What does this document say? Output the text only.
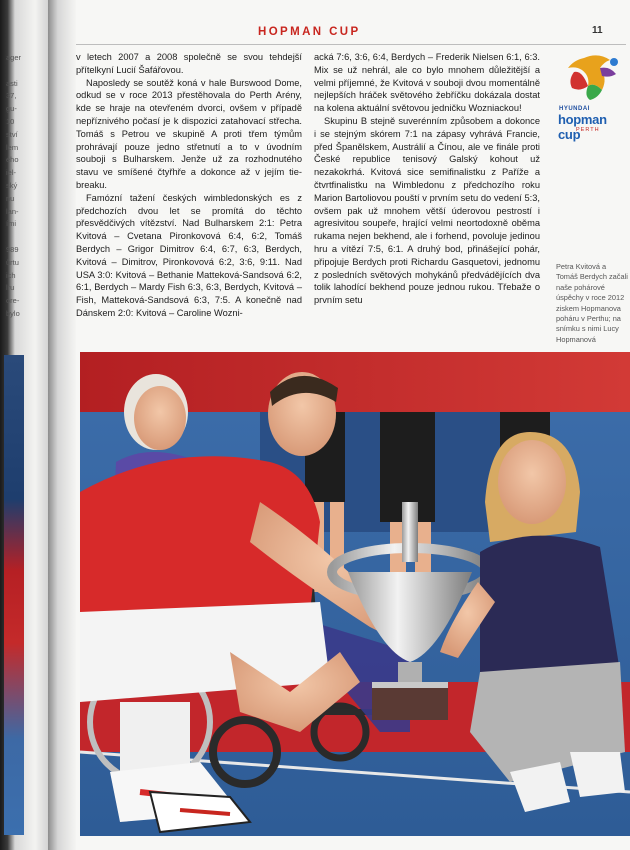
ager
asti
37,
gu-
10
ství
lem
ého
iel-
ský
nu
lan-
ími
989
ůrtu
ich
lru
ore-
bylo
HOPMAN CUP	11

v letech 2007 a 2008 společně se svou tehdejší přítelkyní Lucií Šafářovou.

Naposledy se soutěž koná v hale Burswood Dome, odkud se v roce 2013 přestěhovala do Perth Arény, kde se hraje na otevřeném dvorci, ovšem v případě nepříznivého počasí je k dispozici zatahovací střecha. Tomáš s Petrou ve skupině A proti třem týmům prohrávají pouze jedno střetnutí a to v úvodním souboji s Bulharskem. Jenže už za rozhodnutého stavu ve smíšené čtyřhře a dokonce až v jejím tie-breaku.

Famózní tažení českých wimbledonských es z předchozích dvou let se promítá do těchto přesvědčivých vítězství. Nad Bulharskem 2:1: Petra Kvitová – Cvetana Pironkovová 6:4, 6:2, Tomáš Berdych – Grigor Dimitrov 6:4, 6:7, 6:3, Berdych, Kvitová – Dimitrov, Pironkovová 6:2, 3:6, 9:11. Nad USA 3:0: Kvitová – Bethanie Matteková-Sandsová 6:2, 6:1, Berdych – Mardy Fish 6:3, 6:3, Berdych, Kvitová – Fish, Matteková-Sandsová 6:3, 7:5. A konečně nad Dánskem 2:0: Kvitová – Caroline Wozni-

acká 7:6, 3:6, 6:4, Berdych – Frederik Nielsen 6:1, 6:3. Mix se už nehrál, ale co bylo mnohem důležitější a velmi příjemné, že Kvitová v souboji dvou momentálně nejlepších hráček světového žebříčku dokázala dostat na kolena aktuální světovou jedničku Wozniackou!

Skupinu B stejně suverénním způsobem a dokonce i se stejným skórem 7:1 na zápasy vyhrává Francie, před Španělskem, Austrálií a Čínou, ale ve finále proti České republice tenisový Galský kohout už nezakokrhá. Kvitová sice semifinalistku z Paříže a čtvrtfinalistku na Wimbledonu z předchozího roku Marion Bartoliovou pouští v prvním setu do vedení 5:3, ovšem pak už mnohem větší úderovou pestrostí i agresivitou soupeře, hrající velmi neortodoxně oběma rukama nejen bekhend, ale i forhend, povoluje jedinou hru a vítězí 7:5, 6:1. A druhý bod, přinášející pohár, připojuje Berdych proti Richardu Gasquetovi, jednomu z posledních světových mohykánů předvádějících dva tolik lahodící bekhend pouze jednou rukou. Třebaže o prvním setu

HYUNDAI
hopman cup
PERTH
Petra Kvitová a Tomáš Berdych začali naše pohárové úspěchy v roce 2012 ziskem Hopmanova poháru v Perthu; na snímku s nimi Lucy Hopmanová
